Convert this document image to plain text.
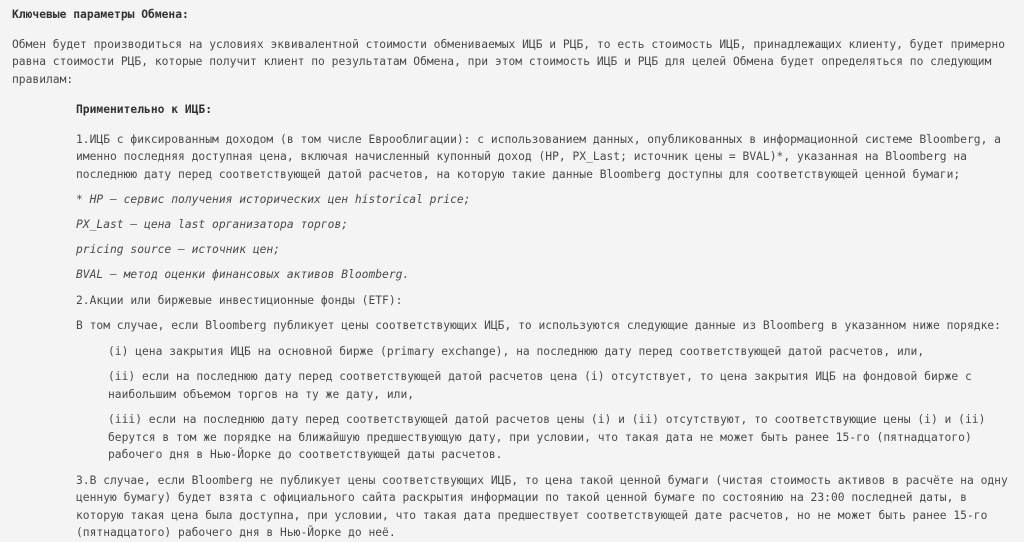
Ключевые параметры Обмена:

Обмен будет производиться на условиях эквивалентной стоимости обмениваемых ИЦБ и РЦБ, то есть стоимость ИЦБ, принадлежащих клиенту, будет примерно равна стоимости РЦБ, которые получит клиент по результатам Обмена, при этом стоимость ИЦБ и РЦБ для целей Обмена будет определяться по следующим правилам:

Применительно к ИЦБ:

1.ИЦБ с фиксированным доходом (в том числе Еврооблигации): с использованием данных, опубликованных в информационной системе Bloomberg, а именно последняя доступная цена, включая начисленный купонный доход (HP, PX_Last; источник цены = BVAL)*, указанная на Bloomberg на последнюю дату перед соответствующей датой расчетов, на которую такие данные Bloomberg доступны для соответствующей ценной бумаги;

* HP — сервис получения исторических цен historical price;

PX_Last — цена last организатора торгов;

pricing source — источник цен;

BVAL — метод оценки финансовых активов Bloomberg.

2.Акции или биржевые инвестиционные фонды (ETF):

В том случае, если Bloomberg публикует цены соответствующих ИЦБ, то используются следующие данные из Bloomberg в указанном ниже порядке:

(i) цена закрытия ИЦБ на основной бирже (primary exchange), на последнюю дату перед соответствующей датой расчетов, или,

(ii) если на последнюю дату перед соответствующей датой расчетов цена (i) отсутствует, то цена закрытия ИЦБ на фондовой бирже с наибольшим объемом торгов на ту же дату, или,

(iii) если на последнюю дату перед соответствующей датой расчетов цены (i) и (ii) отсутствуют, то соответствующие цены (i) и (ii) берутся в том же порядке на ближайшую предшествующую дату, при условии, что такая дата не может быть ранее 15-го (пятнадцатого) рабочего дня в Нью-Йорке до соответствующей даты расчетов.

3.В случае, если Bloomberg не публикует цены соответствующих ИЦБ, то цена такой ценной бумаги (чистая стоимость активов в расчёте на одну ценную бумагу) будет взята с официального сайта раскрытия информации по такой ценной бумаге по состоянию на 23:00 последней даты, в которую такая цена была доступна, при условии, что такая дата предшествует соответствующей дате расчетов, но не может быть ранее 15-го (пятнадцатого) рабочего дня в Нью-Йорке до неё.
